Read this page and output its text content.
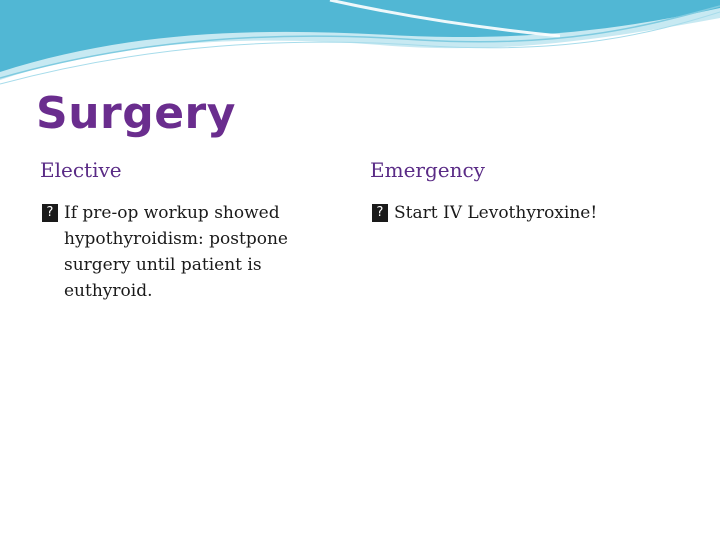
Surgery
Elective	Emergency
? If pre-op workup showed hypothyroidism: postpone surgery until patient is euthyroid.
? Start IV Levothyroxine!
